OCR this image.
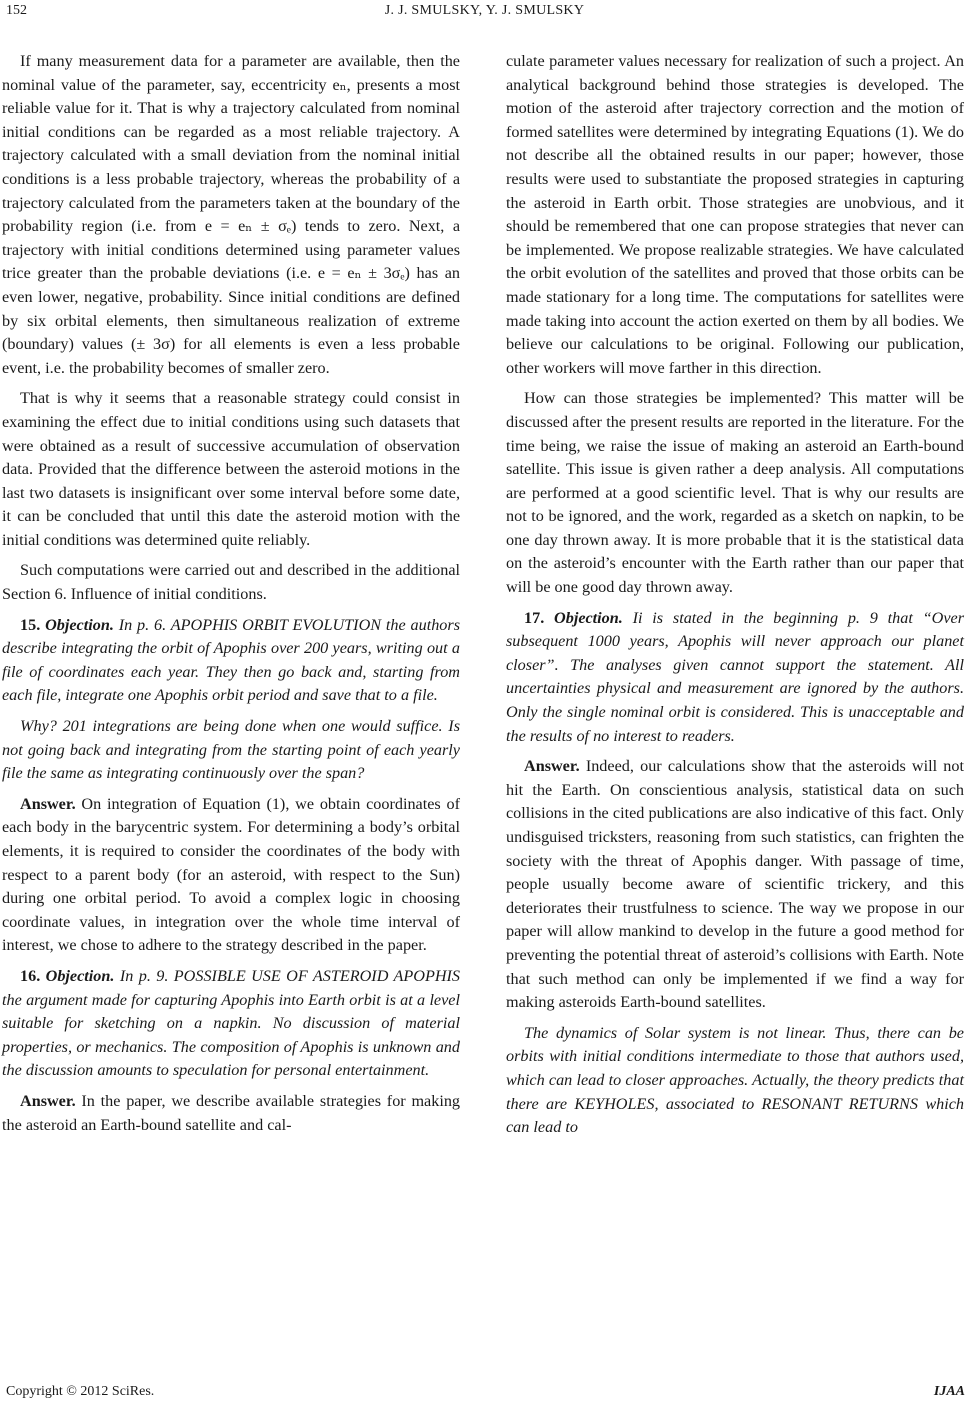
152	J. J. SMULSKY, Y. J. SMULSKY

If many measurement data for a parameter are available, then the nominal value of the parameter, say, eccentricity eₙ, presents a most reliable value for it. That is why a trajectory calculated from nominal initial conditions can be regarded as a most reliable trajectory. A trajectory calculated with a small deviation from the nominal initial conditions is a less probable trajectory, whereas the probability of a trajectory calculated from the parameters taken at the boundary of the probability region (i.e. from e = eₙ ± σₑ) tends to zero. Next, a trajectory with initial conditions determined using parameter values trice greater than the probable deviations (i.e. e = eₙ ± 3σₑ) has an even lower, negative, probability. Since initial conditions are defined by six orbital elements, then simultaneous realization of extreme (boundary) values (± 3σ) for all elements is even a less probable event, i.e. the probability becomes of smaller zero.

That is why it seems that a reasonable strategy could consist in examining the effect due to initial conditions using such datasets that were obtained as a result of successive accumulation of observation data. Provided that the difference between the asteroid motions in the last two datasets is insignificant over some interval before some date, it can be concluded that until this date the asteroid motion with the initial conditions was determined quite reliably.

Such computations were carried out and described in the additional Section 6. Influence of initial conditions.

15. Objection. In p. 6. APOPHIS ORBIT EVOLUTION the authors describe integrating the orbit of Apophis over 200 years, writing out a file of coordinates each year. They then go back and, starting from each file, integrate one Apophis orbit period and save that to a file.

Why? 201 integrations are being done when one would suffice. Is not going back and integrating from the starting point of each yearly file the same as integrating continuously over the span?

Answer. On integration of Equation (1), we obtain coordinates of each body in the barycentric system. For determining a body’s orbital elements, it is required to consider the coordinates of the body with respect to a parent body (for an asteroid, with respect to the Sun) during one orbital period. To avoid a complex logic in choosing coordinate values, in integration over the whole time interval of interest, we chose to adhere to the strategy described in the paper.

16. Objection. In p. 9. POSSIBLE USE OF ASTEROID APOPHIS the argument made for capturing Apophis into Earth orbit is at a level suitable for sketching on a napkin. No discussion of material properties, or mechanics. The composition of Apophis is unknown and the discussion amounts to speculation for personal entertainment.

Answer. In the paper, we describe available strategies for making the asteroid an Earth-bound satellite and cal-

culate parameter values necessary for realization of such a project. An analytical background behind those strategies is developed. The motion of the asteroid after trajectory correction and the motion of formed satellites were determined by integrating Equations (1). We do not describe all the obtained results in our paper; however, those results were used to substantiate the proposed strategies in capturing the asteroid in Earth orbit. Those strategies are unobvious, and it should be remembered that one can propose strategies that never can be implemented. We propose realizable strategies. We have calculated the orbit evolution of the satellites and proved that those orbits can be made stationary for a long time. The computations for satellites were made taking into account the action exerted on them by all bodies. We believe our calculations to be original. Following our publication, other workers will move farther in this direction.

How can those strategies be implemented? This matter will be discussed after the present results are reported in the literature. For the time being, we raise the issue of making an asteroid an Earth-bound satellite. This issue is given rather a deep analysis. All computations are performed at a good scientific level. That is why our results are not to be ignored, and the work, regarded as a sketch on napkin, to be one day thrown away. It is more probable that it is the statistical data on the asteroid’s encounter with the Earth rather than our paper that will be one good day thrown away.

17. Objection. Ii is stated in the beginning p. 9 that “Over subsequent 1000 years, Apophis will never approach our planet closer”. The analyses given cannot support the statement. All uncertainties physical and measurement are ignored by the authors. Only the single nominal orbit is considered. This is unacceptable and the results of no interest to readers.

Answer. Indeed, our calculations show that the asteroids will not hit the Earth. On conscientious analysis, statistical data on such collisions in the cited publications are also indicative of this fact. Only undisguised tricksters, reasoning from such statistics, can frighten the society with the threat of Apophis danger. With passage of time, people usually become aware of scientific trickery, and this deteriorates their trustfulness to science. The way we propose in our paper will allow mankind to develop in the future a good method for preventing the potential threat of asteroid’s collisions with Earth. Note that such method can only be implemented if we find a way for making asteroids Earth-bound satellites.

The dynamics of Solar system is not linear. Thus, there can be orbits with initial conditions intermediate to those that authors used, which can lead to closer approaches. Actually, the theory predicts that there are KEYHOLES, associated to RESONANT RETURNS which can lead to

Copyright © 2012 SciRes.	IJAA
